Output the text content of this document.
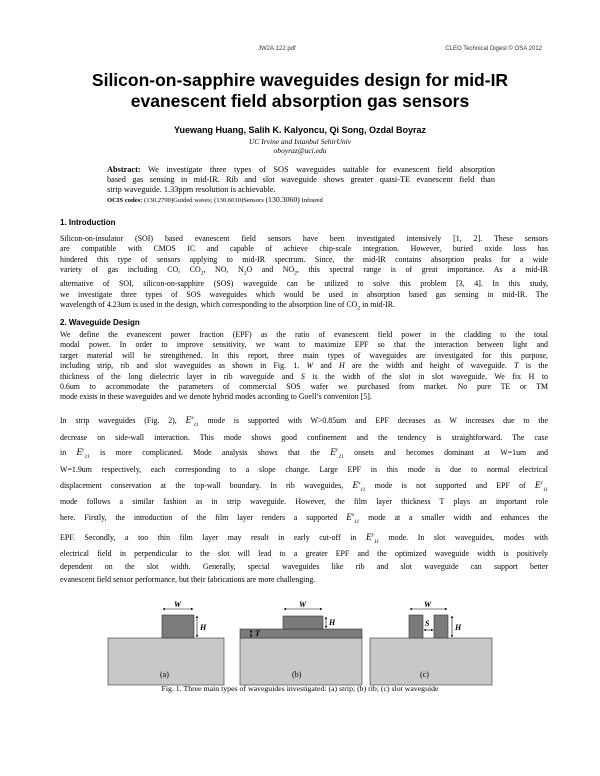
JW2A.122.pdf	CLEO Technical Digest © OSA 2012
Silicon-on-sapphire waveguides design for mid-IR
evanescent field absorption gas sensors
Yuewang Huang, Salih K. Kalyoncu, Qi Song, Ozdal Boyraz
UC Irvine and Istanbul SehirUniv
oboyraz@uci.edu
Abstract: We investigate three types of SOS waveguides suitable for evanescent field absorption
based gas sensing in mid-IR. Rib and slot waveguide shows greater quasi-TE evanescent field than
strip waveguide. 1.33ppm resolution is achievable.
OCIS codes: (130.2790)Guided waves; (130.6010)Sensors (130.3060) Infrared
1. Introduction
Silicon-on-insulator (SOI) based evanescent field sensors have been investigated intensively [1, 2]. These sensors
are compatible with CMOS IC and capable of achieve chip-scale integration. However, buried oxide loss has
hindered this type of sensors applying to mid-IR spectrum. Since, the mid-IR contains absorption peaks for a wide
variety of gas including CO, $CO_2$, NO, $N_2O$ and $NO_2$, this spectral range is of great importance. As a mid-IR
alternative of SOI, silicon-on-sapphire (SOS) waveguide can be utilized to solve this problem [3, 4]. In this study,
we investigate three types of SOS waveguides which would be used in absorption based gas sensing in mid-IR. The
wavelength of 4.23um is used in the design, which corresponding to the absorption line of $CO_2$ in mid-IR.
2. Waveguide Design
We define the evanescent power fraction (EPF) as the ratio of evanescent field power in the cladding to the total
modal power. In order to improve sensitivity, we want to maximize EPF so that the interaction between light and
target material will be strengthened. In this report, three main types of waveguides are investigated for this purpose,
including strip, rib and slot waveguides as shown in Fig. 1. W and H are the width and height of waveguide. T is the
thickness of the long dielectric layer in rib waveguide and S is the width of the slot in slot waveguide. We fix H to
0.6um to accommodate the parameters of commercial SOS wafer we purchased from market. No pure TE or TM
mode exists in these waveguides and we denote hybrid modes according to Goell’s convention [5].
In strip waveguides (Fig. 2), $E^x_{11}$ mode is supported with W>0.85um and EPF deceases as W increases due to the
decrease on side-wall interaction. This mode shows good confinement and the tendency is straightforward. The case
in $E^y_{11}$ is more complicated. Mode analysis shows that the $E^y_{21}$ onsets and becomes dominant at W=1um and
W=1.9um respectively, each corresponding to a slope change. Large EPF in this mode is due to normal electrical
displacement conservation at the top-wall boundary. In rib waveguides, $E^x_{11}$ mode is not supported and EPF of $E^y_{11}$
mode follows a similar fashion as in strip waveguide. However, the film layer thickness T plays an important role
here. Firstly, the introduction of the film layer renders a supported $E^x_{11}$ mode at a smaller width and enhances the
EPF. Secondly, a too thin film layer may result in early cut-off in $E^y_{11}$ mode. In slot waveguides, modes with
electrical field in perpendicular to the slot will lead to a greater EPF and the optimized waveguide width is positively
dependent on the slot width. Generally, special waveguides like rib and slot waveguide can support better
evanescent field sensor performance, but their fabrications are more challenging.
W
H
W
H
T
W
S	H
(a)	(b)	(c)
Fig. 1. Three main types of waveguides investigated: (a) strip; (b) rib; (c) slot waveguide
